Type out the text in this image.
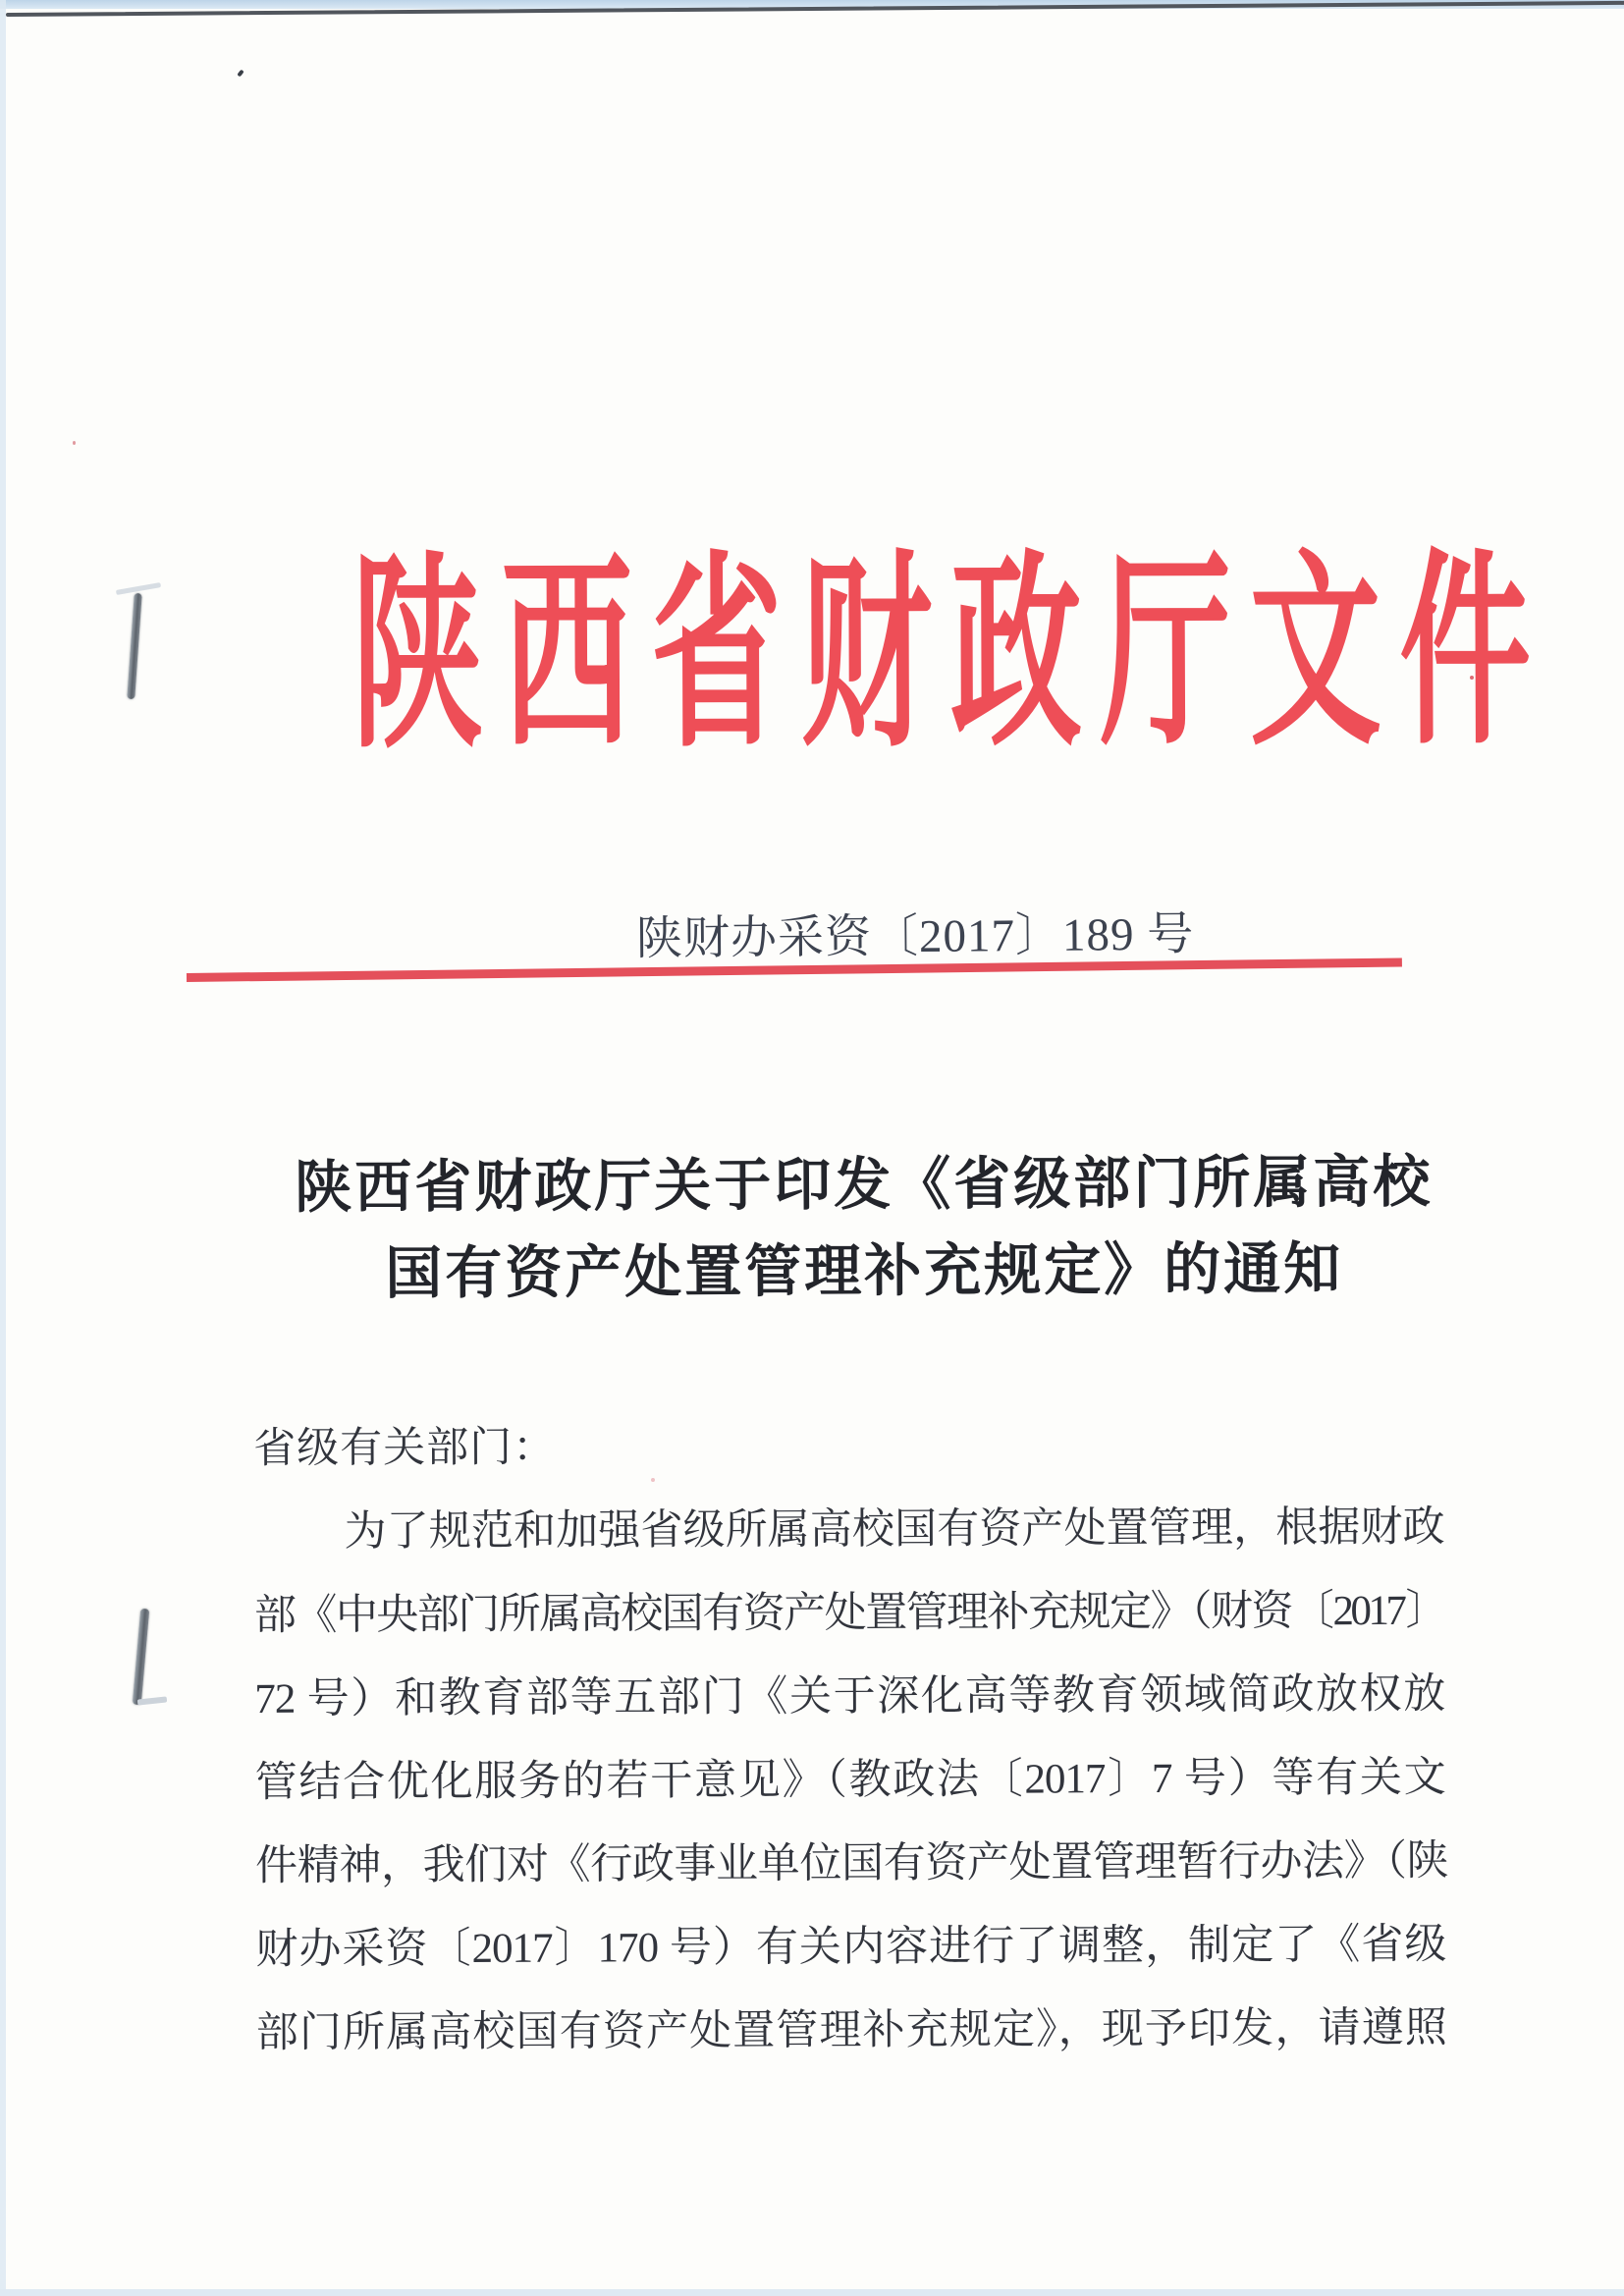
陕西省财政厅文件
陕财办采资〔2017〕189 号
陕西省财政厅关于印发《省级部门所属高校
国有资产处置管理补充规定》的通知
省级有关部门：
为了规范和加强省级所属高校国有资产处置管理，根据财政
部《中央部门所属高校国有资产处置管理补充规定》（财资〔2017〕
72 号）和教育部等五部门《关于深化高等教育领域简政放权放
管结合优化服务的若干意见》（教政法〔2017〕7 号）等有关文
件精神，我们对《行政事业单位国有资产处置管理暂行办法》（陕
财办采资〔2017〕170 号）有关内容进行了调整，制定了《省级
部门所属高校国有资产处置管理补充规定》，现予印发，请遵照
